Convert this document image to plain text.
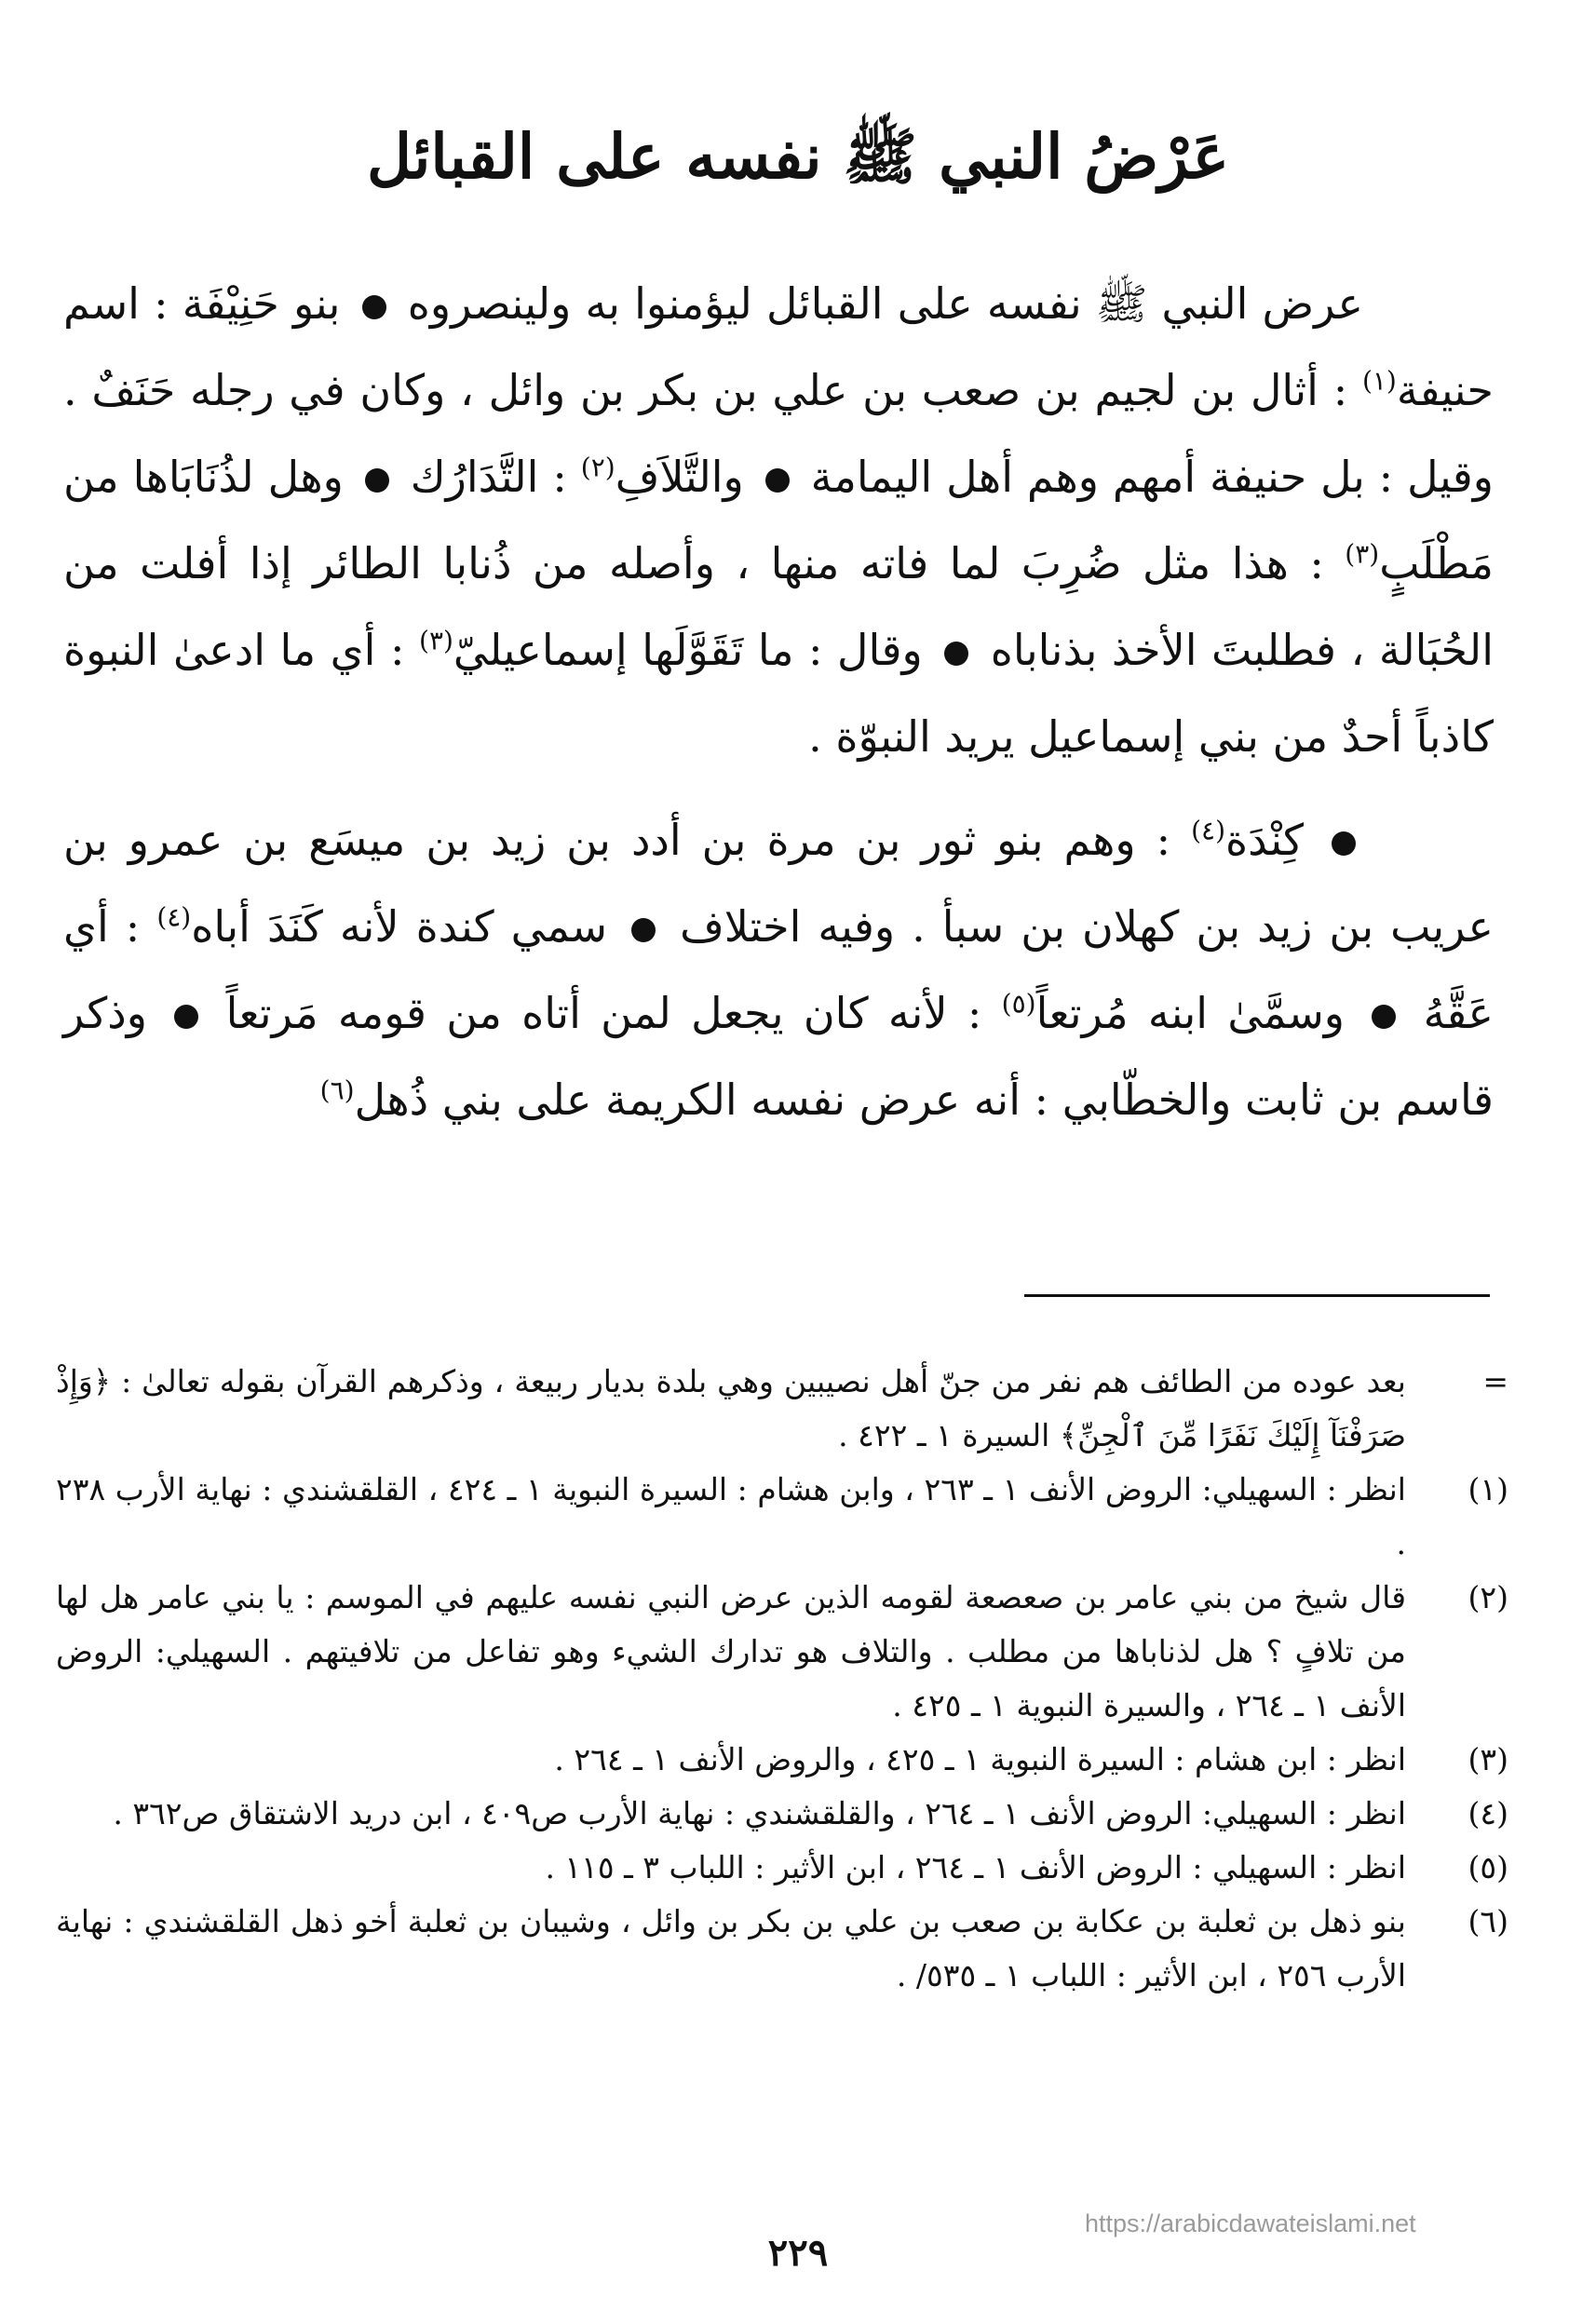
عَرْضُ النبي ﷺ نفسه على القبائل

عرض النبي ﷺ نفسه على القبائل ليؤمنوا به ولينصروه  بنو حَنِيْفَة : اسم حنيفة$^{(١)}$ : أثال بن لجيم بن صعب بن علي بن بكر بن وائل ، وكان في رجله حَنَفٌ . وقيل : بل حنيفة أمهم وهم أهل اليمامة  والتَّلاَفِ$^{(٢)}$ : التَّدَارُك  وهل لذُنَابَاها من مَطْلَبٍ$^{(٣)}$ : هذا مثل ضُرِبَ لما فاته منها ، وأصله من ذُنابا الطائر إذا أفلت من الحُبَالة ، فطلبتَ الأخذ بذناباه  وقال : ما تَقَوَّلَها إسماعيليّ$^{(٣)}$ : أي ما ادعىٰ النبوة كاذباً أحدٌ من بني إسماعيل يريد النبوّة .

كِنْدَة$^{(٤)}$ : وهم بنو ثور بن مرة بن أدد بن زيد بن ميسَع بن عمرو بن عريب بن زيد بن كهلان بن سبأ . وفيه اختلاف  سمي كندة لأنه كَنَدَ أباه$^{(٤)}$ : أي عَقَّهُ  وسمَّىٰ ابنه مُرتعاً$^{(٥)}$ : لأنه كان يجعل لمن أتاه من قومه مَرتعاً  وذكر قاسم بن ثابت والخطّابي : أنه عرض نفسه الكريمة على بني ذُهل$^{(٦)}$

=
بعد عوده من الطائف هم نفر من جنّ أهل نصيبين وهي بلدة بديار ربيعة ، وذكرهم القرآن بقوله تعالىٰ : ﴿وَإِذْ صَرَفْنَآ إِلَيْكَ نَفَرًا مِّنَ ٱلْجِنِّ﴾ السيرة ١ ـ ٤٢٢ .
(١)
انظر : السهيلي: الروض الأنف ١ ـ ٢٦٣ ، وابن هشام : السيرة النبوية ١ ـ ٤٢٤ ، القلقشندي : نهاية الأرب ٢٣٨ .
(٢)
قال شيخ من بني عامر بن صعصعة لقومه الذين عرض النبي نفسه عليهم في الموسم : يا بني عامر هل لها من تلافٍ ؟ هل لذناباها من مطلب . والتلاف هو تدارك الشيء وهو تفاعل من تلافيتهم . السهيلي: الروض الأنف ١ ـ ٢٦٤ ، والسيرة النبوية ١ ـ ٤٢٥ .
(٣)
انظر : ابن هشام : السيرة النبوية ١ ـ ٤٢٥ ، والروض الأنف ١ ـ ٢٦٤ .
(٤)
انظر : السهيلي: الروض الأنف ١ ـ ٢٦٤ ، والقلقشندي : نهاية الأرب ص٤٠٩ ، ابن دريد الاشتقاق ص٣٦٢ .
(٥)
انظر : السهيلي : الروض الأنف ١ ـ ٢٦٤ ، ابن الأثير : اللباب ٣ ـ ١١٥ .
(٦)
بنو ذهل بن ثعلبة بن عكابة بن صعب بن علي بن بكر بن وائل ، وشيبان بن ثعلبة أخو ذهل القلقشندي : نهاية الأرب ٢٥٦ ، ابن الأثير : اللباب ١ ـ ٥٣٥/ .
٢٢٩
https://arabicdawateislami.net
